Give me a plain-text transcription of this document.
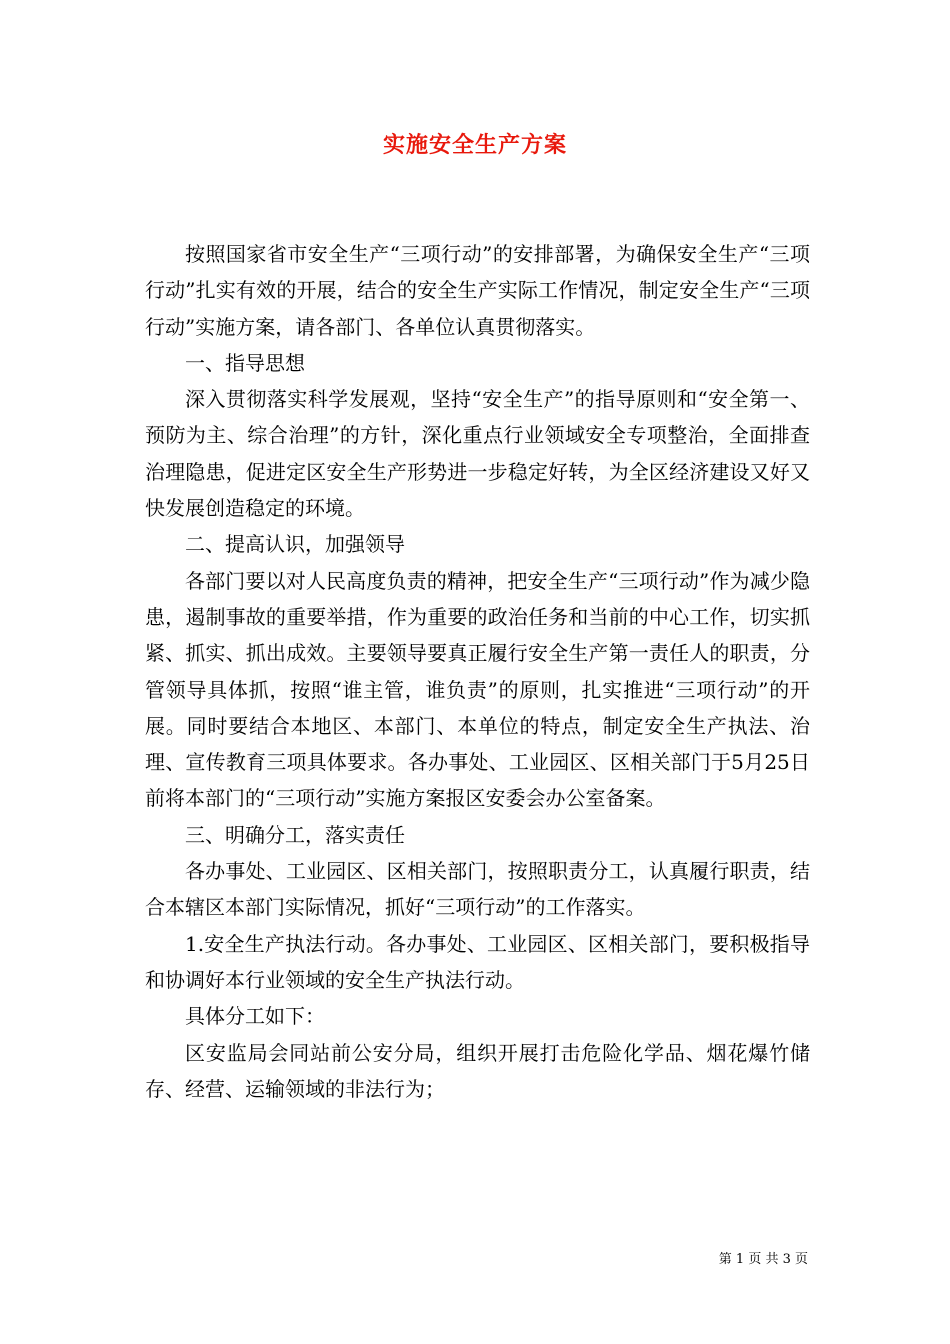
实施安全生产方案

按照国家省市安全生产“三项行动”的安排部署，为确保安全生产“三项行动”扎实有效的开展，结合的安全生产实际工作情况，制定安全生产“三项行动”实施方案，请各部门、各单位认真贯彻落实。

一、指导思想

深入贯彻落实科学发展观，坚持“安全生产”的指导原则和“安全第一、预防为主、综合治理”的方针，深化重点行业领域安全专项整治，全面排查治理隐患，促进定区安全生产形势进一步稳定好转，为全区经济建设又好又快发展创造稳定的环境。

二、提高认识，加强领导

各部门要以对人民高度负责的精神，把安全生产“三项行动”作为减少隐患，遏制事故的重要举措，作为重要的政治任务和当前的中心工作，切实抓紧、抓实、抓出成效。主要领导要真正履行安全生产第一责任人的职责，分管领导具体抓，按照“谁主管，谁负责”的原则，扎实推进“三项行动”的开展。同时要结合本地区、本部门、本单位的特点，制定安全生产执法、治理、宣传教育三项具体要求。各办事处、工业园区、区相关部门于5月25日前将本部门的“三项行动”实施方案报区安委会办公室备案。

三、明确分工，落实责任

各办事处、工业园区、区相关部门，按照职责分工，认真履行职责，结合本辖区本部门实际情况，抓好“三项行动”的工作落实。

1.安全生产执法行动。各办事处、工业园区、区相关部门，要积极指导和协调好本行业领域的安全生产执法行动。

具体分工如下：

区安监局会同站前公安分局，组织开展打击危险化学品、烟花爆竹储存、经营、运输领域的非法行为；

第 1 页 共 3 页
